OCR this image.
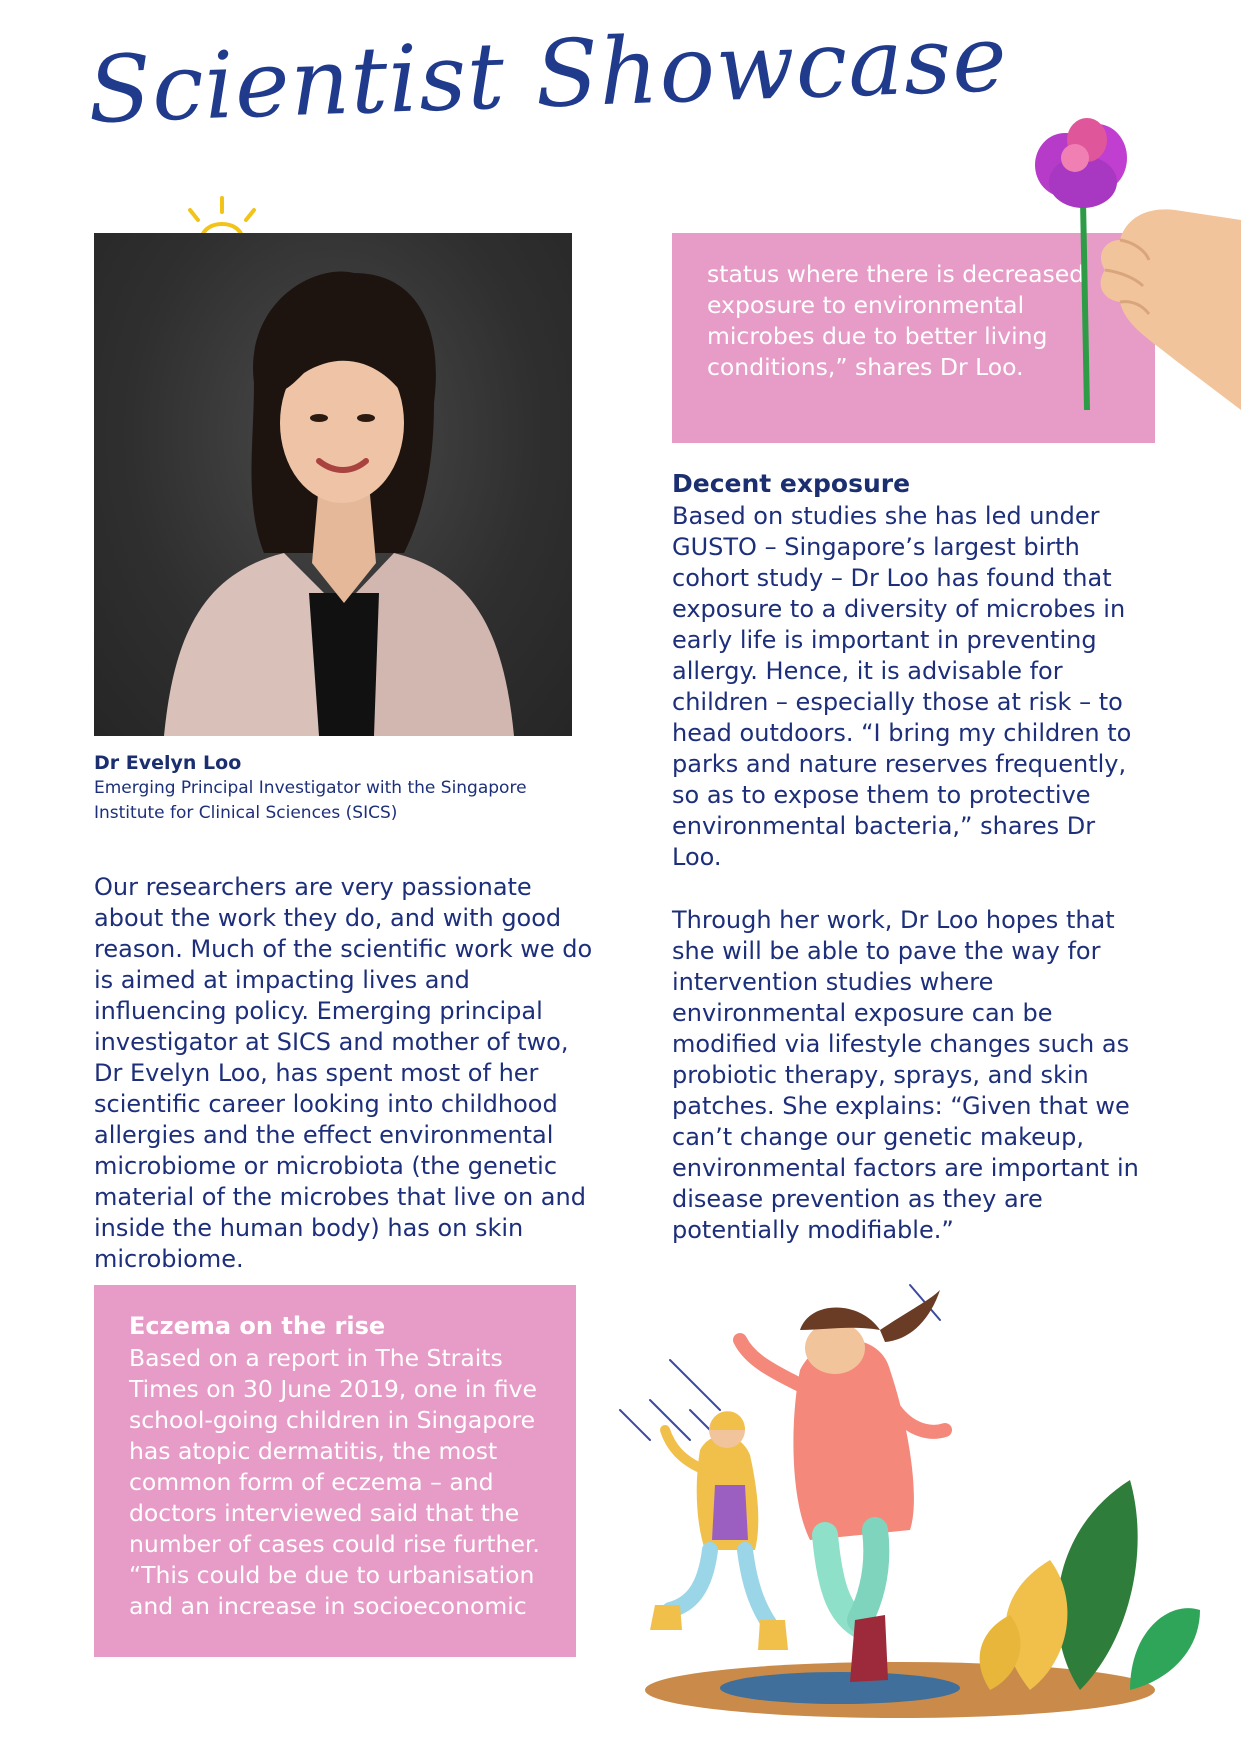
Scientist Showcase
Dr Evelyn Loo
Emerging Principal Investigator with the Singapore Institute for Clinical Sciences (SICS)
Our researchers are very passionate about the work they do, and with good reason. Much of the scientific work we do is aimed at impacting lives and influencing policy. Emerging principal investigator at SICS and mother of two, Dr Evelyn Loo, has spent most of her scientific career looking into childhood allergies and the effect environmental microbiome or microbiota (the genetic material of the microbes that live on and inside the human body) has on skin microbiome.
Eczema on the rise
Based on a report in The Straits Times on 30 June 2019, one in five school-going children in Singapore has atopic dermatitis, the most common form of eczema – and doctors interviewed said that the number of cases could rise further. “This could be due to urbanisation and an increase in socioeconomic
status where there is decreased exposure to environmental microbes due to better living conditions,” shares Dr Loo.
Decent exposure
Based on studies she has led under GUSTO – Singapore’s largest birth cohort study – Dr Loo has found that exposure to a diversity of microbes in early life is important in preventing allergy. Hence, it is advisable for children – especially those at risk – to head outdoors. “I bring my children to parks and nature reserves frequently, so as to expose them to protective environmental bacteria,” shares Dr Loo.
Through her work, Dr Loo hopes that she will be able to pave the way for intervention studies where environmental exposure can be modified via lifestyle changes such as probiotic therapy, sprays, and skin patches. She explains: “Given that we can’t change our genetic makeup, environmental factors are important in disease prevention as they are potentially modifiable.”
